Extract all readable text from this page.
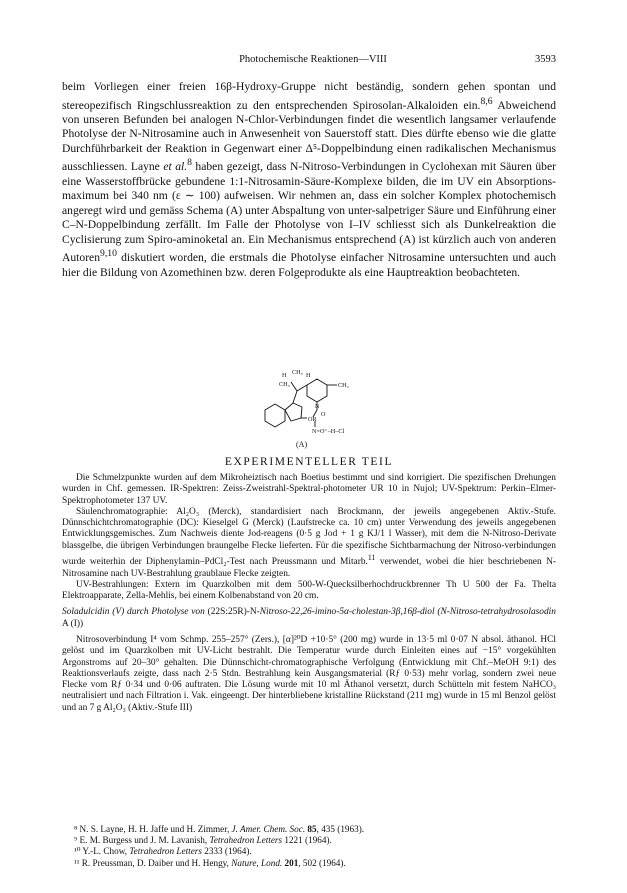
Photochemische Reaktionen—VIII	3593

beim Vorliegen einer freien 16β-Hydroxy-Gruppe nicht beständig, sondern gehen spontan und stereopezifisch Ringschlussreaktion zu den entsprechenden Spirosolan-Alkaloiden ein.$^{8,6}$ Abweichend von unseren Befunden bei analogen N-Chlor-Verbindungen findet die wesentlich langsamer verlaufende Photolyse der N-Nitrosamine auch in Anwesenheit von Sauerstoff statt. Dies dürfte ebenso wie die glatte Durchführbarkeit der Reaktion in Gegenwart einer Δ⁵-Doppelbindung einen radikalischen Mechanismus ausschliessen. Layne et al.$^8$ haben gezeigt, dass N-Nitroso-Verbindungen in Cyclohexan mit Säuren über eine Wasserstoffbrücke gebundene 1:1-Nitrosamin-Säure-Komplexe bilden, die im UV ein Absorptions-maximum bei 340 nm (ε ∼ 100) aufweisen. Wir nehmen an, dass ein solcher Komplex photochemisch angeregt wird und gemäss Schema (A) unter Abspaltung von unter-salpetriger Säure und Einführung einer C–N-Doppelbindung zerfällt. Im Falle der Photolyse von I–IV schliesst sich als Dunkelreaktion die Cyclisierung zum Spiro-aminoketal an. Ein Mechanismus entsprechend (A) ist kürzlich auch von anderen Autoren$^{9,10}$ diskutiert worden, die erstmals die Photolyse einfacher Nitrosamine untersuchten und auch hier die Bildung von Azomethinen bzw. deren Folgeprodukte als eine Hauptreaktion beobachteten.

H CH₃ H
CH₃	CH₃
N
OR
O
N=O⁺–H–Cl
(A)
EXPERIMENTELLER TEIL

Die Schmelzpunkte wurden auf dem Mikroheiztisch nach Boetius bestimmt und sind korrigiert. Die spezifischen Drehungen wurden in Chf. gemessen. IR-Spektren: Zeiss-Zweistrahl-Spektral-photometer UR 10 in Nujol; UV-Spektrum: Perkin–Elmer-Spektrophotometer 137 UV.

Säulenchromatographie: Al₂O₃ (Merck), standardisiert nach Brockmann, der jeweils angegebenen Aktiv.-Stufe. Dünnschichtchromatographie (DC): Kieselgel G (Merck) (Laufstrecke ca. 10 cm) unter Verwendung des jeweils angegebenen Entwicklungsgemisches. Zum Nachweis diente Jod-reagens (0·5 g Jod + 1 g KJ/1 l Wasser), mit dem die N-Nitroso-Derivate blassgelbe, die übrigen Verbindungen braungelbe Flecke lieferten. Für die spezifische Sichtbarmachung der Nitroso-verbindungen wurde weiterhin der Diphenylamin–PdCl₂-Test nach Preussmann und Mitarb.$^{11}$ verwendet, wobei die hier beschriebenen N-Nitrosamine nach UV-Bestrahlung graublaue Flecke zeigten.

UV-Bestrahlungen: Extern im Quarzkolben mit dem 500-W-Quecksilberhochdruckbrenner Th U 500 der Fa. Thelta Elektroapparate, Zella-Mehlis, bei einem Kolbenabstand von 20 cm.

Soladulcidin (V) durch Photolyse von (22S:25R)-N-Nitroso-22,26-imino-5α-cholestan-3β,16β-diol (N-Nitroso-tetrahydrosolasodin A (I))

Nitrosoverbindung I⁴ vom Schmp. 255–257° (Zers.), [α]²⁰D +10·5° (200 mg) wurde in 13·5 ml 0·07 N absol. äthanol. HCl gelöst und im Quarzkolben mit UV-Licht bestrahlt. Die Temperatur wurde durch Einleiten eines auf −15° vorgekühlten Argonstroms auf 20–30° gehalten. Die Dünnschicht-chromatographische Verfolgung (Entwicklung mit Chf.–MeOH 9:1) des Reaktionsverlaufs zeigte, dass nach 2·5 Stdn. Bestrahlung kein Ausgangsmaterial (Rƒ 0·53) mehr vorlag, sondern zwei neue Flecke vom Rƒ 0·34 und 0·06 auftraten. Die Lösung wurde mit 10 ml Äthanol versetzt, durch Schütteln mit festem NaHCO₃ neutralisiert und nach Filtration i. Vak. eingeengt. Der hinterbliebene kristalline Rückstand (211 mg) wurde in 15 ml Benzol gelöst und an 7 g Al₂O₃ (Aktiv.-Stufe III)

⁸ N. S. Layne, H. H. Jaffe und H. Zimmer, J. Amer. Chem. Soc. 85, 435 (1963).
⁹ E. M. Burgess und J. M. Lavanish, Tetrahedron Letters 1221 (1964).
¹⁰ Y.-L. Chow, Tetrahedron Letters 2333 (1964).
¹¹ R. Preussman, D. Daiber und H. Hengy, Nature, Lond. 201, 502 (1964).
